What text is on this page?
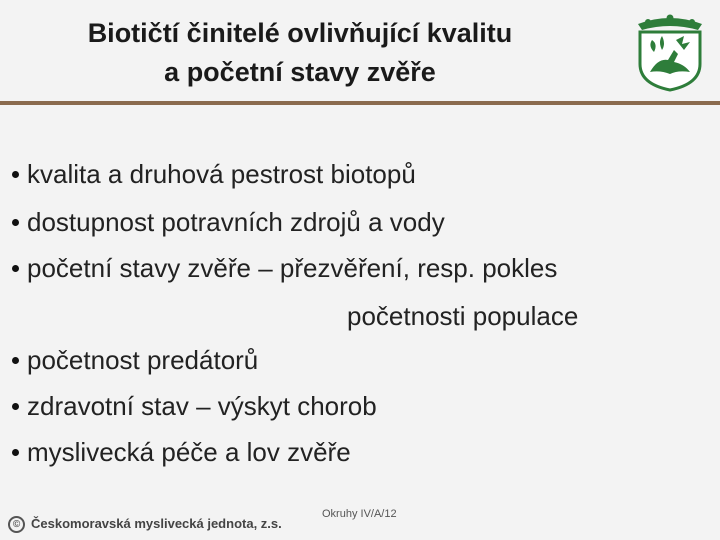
Biotičtí činitelé ovlivňující kvalitu
a početní stavy zvěře
kvalita a druhová pestrost biotopů
dostupnost potravních zdrojů a vody
početní stavy zvěře – přezvěření, resp. pokles
početnosti populace
početnost predátorů
zdravotní stav – výskyt chorob
myslivecká péče a lov zvěře
© Českomoravská myslivecká jednota, z.s.
Okruhy IV/A/12
